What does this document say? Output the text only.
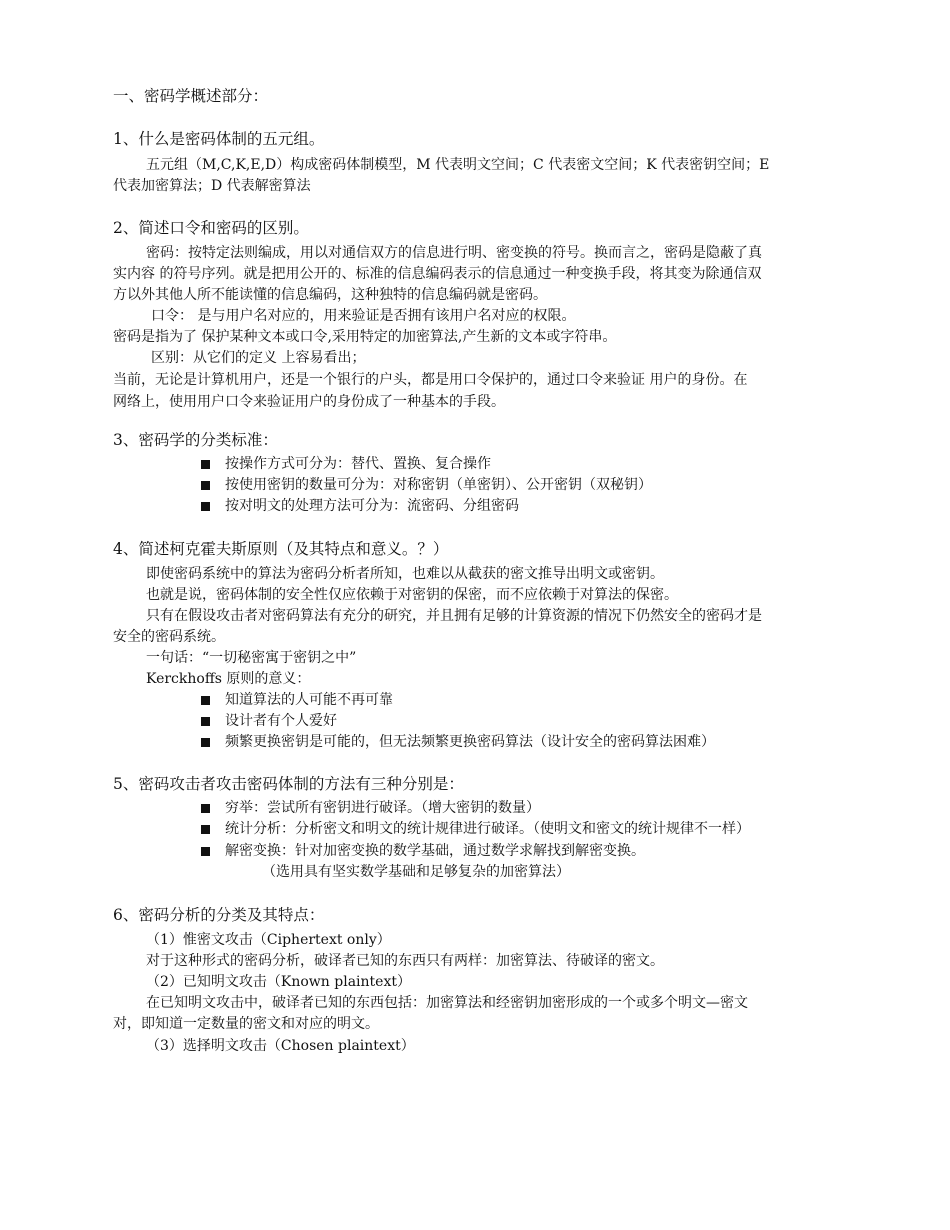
一、密码学概述部分：
1、什么是密码体制的五元组。
五元组（M,C,K,E,D）构成密码体制模型，M 代表明文空间；C 代表密文空间；K 代表密钥空间；E
代表加密算法；D 代表解密算法
2、简述口令和密码的区别。
密码：按特定法则编成，用以对通信双方的信息进行明、密变换的符号。换而言之，密码是隐蔽了真
实内容 的符号序列。就是把用公开的、标准的信息编码表示的信息通过一种变换手段，将其变为除通信双
方以外其他人所不能读懂的信息编码，这种独特的信息编码就是密码。
口令： 是与用户名对应的，用来验证是否拥有该用户名对应的权限。
密码是指为了 保护某种文本或口令,采用特定的加密算法,产生新的文本或字符串。
区别：从它们的定义 上容易看出；
当前，无论是计算机用户，还是一个银行的户头，都是用口令保护的，通过口令来验证 用户的身份。在
网络上，使用用户口令来验证用户的身份成了一种基本的手段。
3、密码学的分类标准：
按操作方式可分为：替代、置换、复合操作
按使用密钥的数量可分为：对称密钥（单密钥）、公开密钥（双秘钥）
按对明文的处理方法可分为：流密码、分组密码
4、简述柯克霍夫斯原则（及其特点和意义。？）
即使密码系统中的算法为密码分析者所知，也难以从截获的密文推导出明文或密钥。
也就是说，密码体制的安全性仅应依赖于对密钥的保密，而不应依赖于对算法的保密。
只有在假设攻击者对密码算法有充分的研究，并且拥有足够的计算资源的情况下仍然安全的密码才是
安全的密码系统。
一句话：“一切秘密寓于密钥之中”
Kerckhoffs 原则的意义：
知道算法的人可能不再可靠
设计者有个人爱好
频繁更换密钥是可能的，但无法频繁更换密码算法（设计安全的密码算法困难）
5、密码攻击者攻击密码体制的方法有三种分别是：
穷举：尝试所有密钥进行破译。（增大密钥的数量）
统计分析：分析密文和明文的统计规律进行破译。（使明文和密文的统计规律不一样）
解密变换：针对加密变换的数学基础，通过数学求解找到解密变换。
（选用具有坚实数学基础和足够复杂的加密算法）
6、密码分析的分类及其特点：
（1）惟密文攻击（Ciphertext only）
对于这种形式的密码分析，破译者已知的东西只有两样：加密算法、待破译的密文。
（2）已知明文攻击（Known plaintext）
在已知明文攻击中，破译者已知的东西包括：加密算法和经密钥加密形成的一个或多个明文—密文
对，即知道一定数量的密文和对应的明文。
（3）选择明文攻击（Chosen plaintext）
